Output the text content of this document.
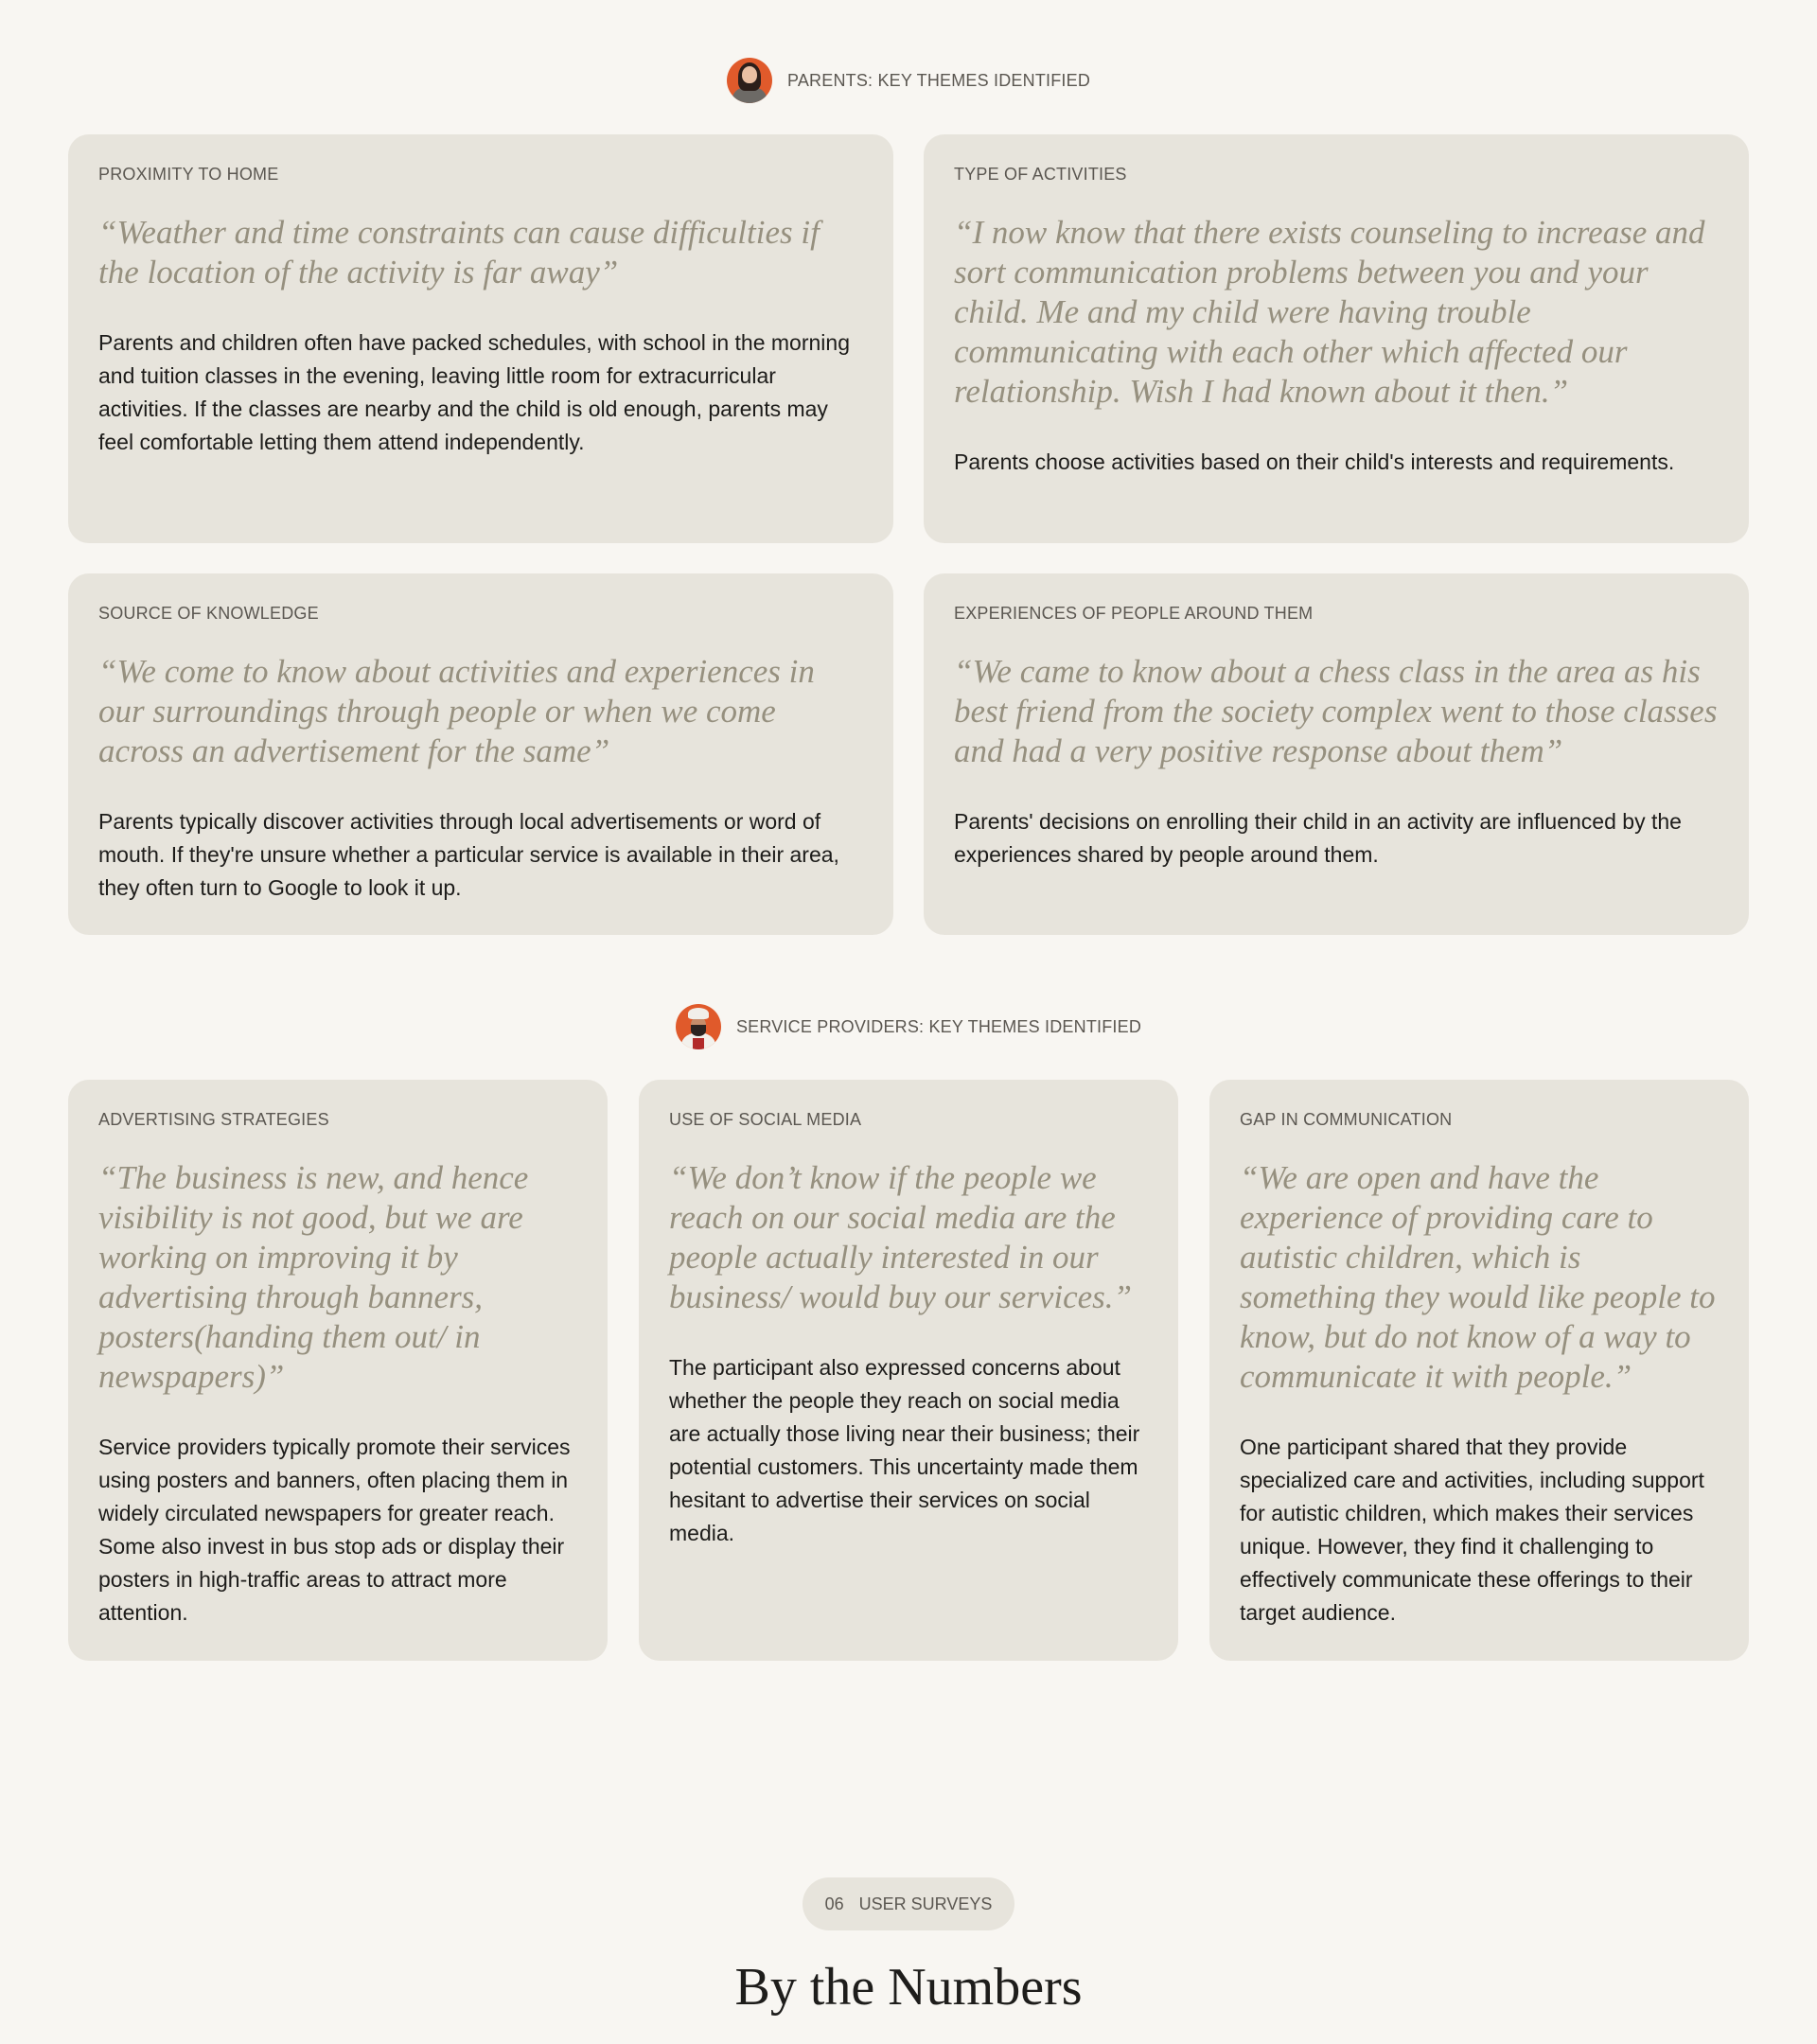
PARENTS: KEY THEMES IDENTIFIED
PROXIMITY TO HOME
“Weather and time constraints can cause difficulties if the location of the activity is far away”
Parents and children often have packed schedules, with school in the morning and tuition classes in the evening, leaving little room for extracurricular activities. If the classes are nearby and the child is old enough, parents may feel comfortable letting them attend independently.
TYPE OF ACTIVITIES
“I now know that there exists counseling to increase and sort communication problems between you and your child. Me and my child were having trouble communicating with each other which affected our relationship. Wish I had known about it then.”
Parents choose activities based on their child's interests and requirements.
SOURCE OF KNOWLEDGE
“We come to know about activities and experiences in our surroundings through people or when we come across an advertisement for the same”
Parents typically discover activities through local advertisements or word of mouth. If they're unsure whether a particular service is available in their area, they often turn to Google to look it up.
EXPERIENCES OF PEOPLE AROUND THEM
“We came to know about a chess class in the area as his best friend from the society complex went to those classes and had a very positive response about them”
Parents' decisions on enrolling their child in an activity are influenced by the experiences shared by people around them.
SERVICE PROVIDERS: KEY THEMES IDENTIFIED
ADVERTISING STRATEGIES
“The business is new, and hence visibility is not good, but we are working on improving it by advertising through banners, posters(handing them out/ in newspapers)”
Service providers typically promote their services using posters and banners, often placing them in widely circulated newspapers for greater reach. Some also invest in bus stop ads or display their posters in high-traffic areas to attract more attention.
USE OF SOCIAL MEDIA
“We don’t know if the people we reach on our social media are the people actually interested in our business/ would buy our services.”
The participant also expressed concerns about whether the people they reach on social media are actually those living near their business; their potential customers. This uncertainty made them hesitant to advertise their services on social media.
GAP IN COMMUNICATION
“We are open and have the experience of providing care to autistic children, which is something they would like people to know, but do not know of a way to communicate it with people.”
One participant shared that they provide specialized care and activities, including support for autistic children, which makes their services unique. However, they find it challenging to effectively communicate these offerings to their target audience.
06 USER SURVEYS
By the Numbers
